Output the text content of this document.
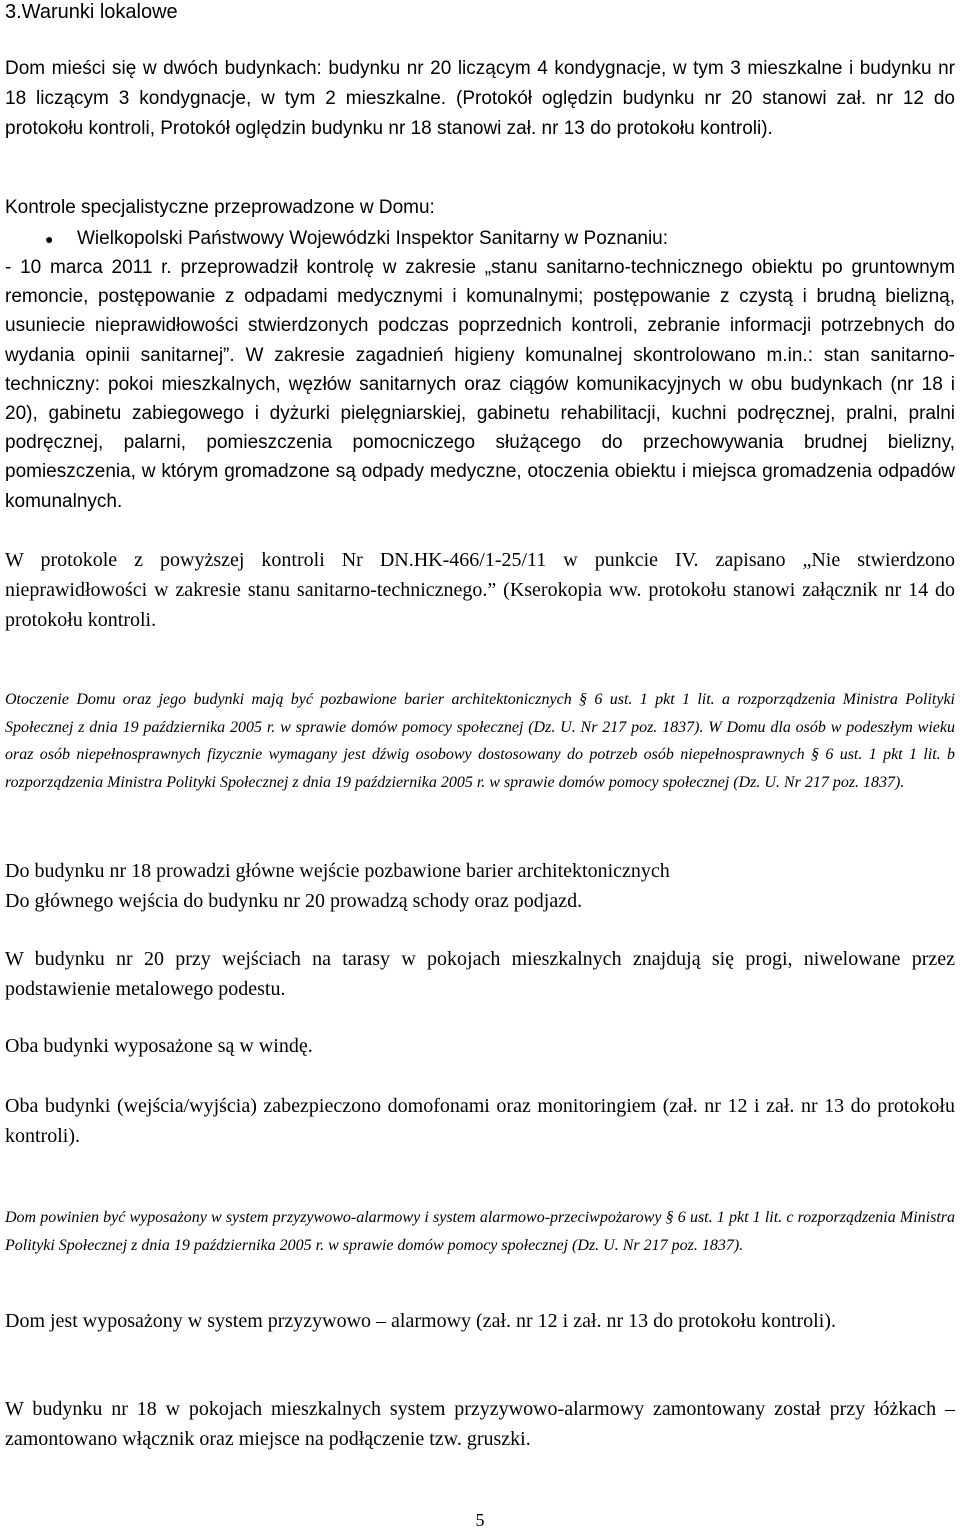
3.Warunki lokalowe

Dom mieści się w dwóch budynkach: budynku nr 20 liczącym 4 kondygnacje, w tym 3 mieszkalne i budynku nr 18 liczącym 3 kondygnacje, w tym 2 mieszkalne. (Protokół oględzin budynku nr 20 stanowi zał. nr 12 do protokołu kontroli, Protokół oględzin budynku nr 18 stanowi zał. nr 13 do protokołu kontroli).

Kontrole specjalistyczne przeprowadzone w Domu:

●	Wielkopolski Państwowy Wojewódzki Inspektor Sanitarny w Poznaniu:

- 10 marca 2011 r. przeprowadził kontrolę w zakresie „stanu sanitarno-technicznego obiektu po gruntownym remoncie, postępowanie z odpadami medycznymi i komunalnymi; postępowanie z czystą i brudną bielizną, usuniecie nieprawidłowości stwierdzonych podczas poprzednich kontroli, zebranie informacji potrzebnych do wydania opinii sanitarnej”. W zakresie zagadnień higieny komunalnej skontrolowano m.in.: stan sanitarno-techniczny: pokoi mieszkalnych, węzłów sanitarnych oraz ciągów komunikacyjnych w obu budynkach (nr 18 i 20), gabinetu zabiegowego i dyżurki pielęgniarskiej, gabinetu rehabilitacji, kuchni podręcznej, pralni, pralni podręcznej, palarni, pomieszczenia pomocniczego służącego do przechowywania brudnej bielizny, pomieszczenia, w którym gromadzone są odpady medyczne, otoczenia obiektu i miejsca gromadzenia odpadów komunalnych.

W protokole z powyższej kontroli Nr DN.HK-466/1-25/11 w punkcie IV. zapisano „Nie stwierdzono nieprawidłowości w zakresie stanu sanitarno-technicznego.” (Kserokopia ww. protokołu stanowi załącznik nr 14 do protokołu kontroli.

Otoczenie Domu oraz jego budynki mają być pozbawione barier architektonicznych § 6 ust. 1 pkt 1 lit. a rozporządzenia Ministra Polityki Społecznej z dnia 19 października 2005 r. w sprawie domów pomocy społecznej (Dz. U. Nr 217 poz. 1837). W Domu dla osób w podeszłym wieku oraz osób niepełnosprawnych fizycznie wymagany jest dźwig osobowy dostosowany do potrzeb osób niepełnosprawnych § 6 ust. 1 pkt 1 lit. b rozporządzenia Ministra Polityki Społecznej z dnia 19 października 2005 r. w sprawie domów pomocy społecznej (Dz. U. Nr 217 poz. 1837).

Do budynku nr 18 prowadzi główne wejście pozbawione barier architektonicznych

Do głównego wejścia do budynku nr 20 prowadzą schody oraz podjazd.

W budynku nr 20 przy wejściach na tarasy w pokojach mieszkalnych znajdują się progi, niwelowane przez podstawienie metalowego podestu.

Oba budynki wyposażone są w windę.

Oba budynki (wejścia/wyjścia) zabezpieczono domofonami oraz monitoringiem (zał. nr 12 i zał. nr 13 do protokołu kontroli).

Dom powinien być wyposażony w system przyzywowo-alarmowy i system alarmowo-przeciwpożarowy § 6 ust. 1 pkt 1 lit. c rozporządzenia Ministra Polityki Społecznej z dnia 19 października 2005 r. w sprawie domów pomocy społecznej (Dz. U. Nr 217 poz. 1837).

Dom jest wyposażony w system przyzywowo – alarmowy (zał. nr 12 i zał. nr 13 do protokołu kontroli).

W budynku nr 18 w pokojach mieszkalnych system przyzywowo-alarmowy zamontowany został przy łóżkach – zamontowano włącznik oraz miejsce na podłączenie tzw. gruszki.

5
